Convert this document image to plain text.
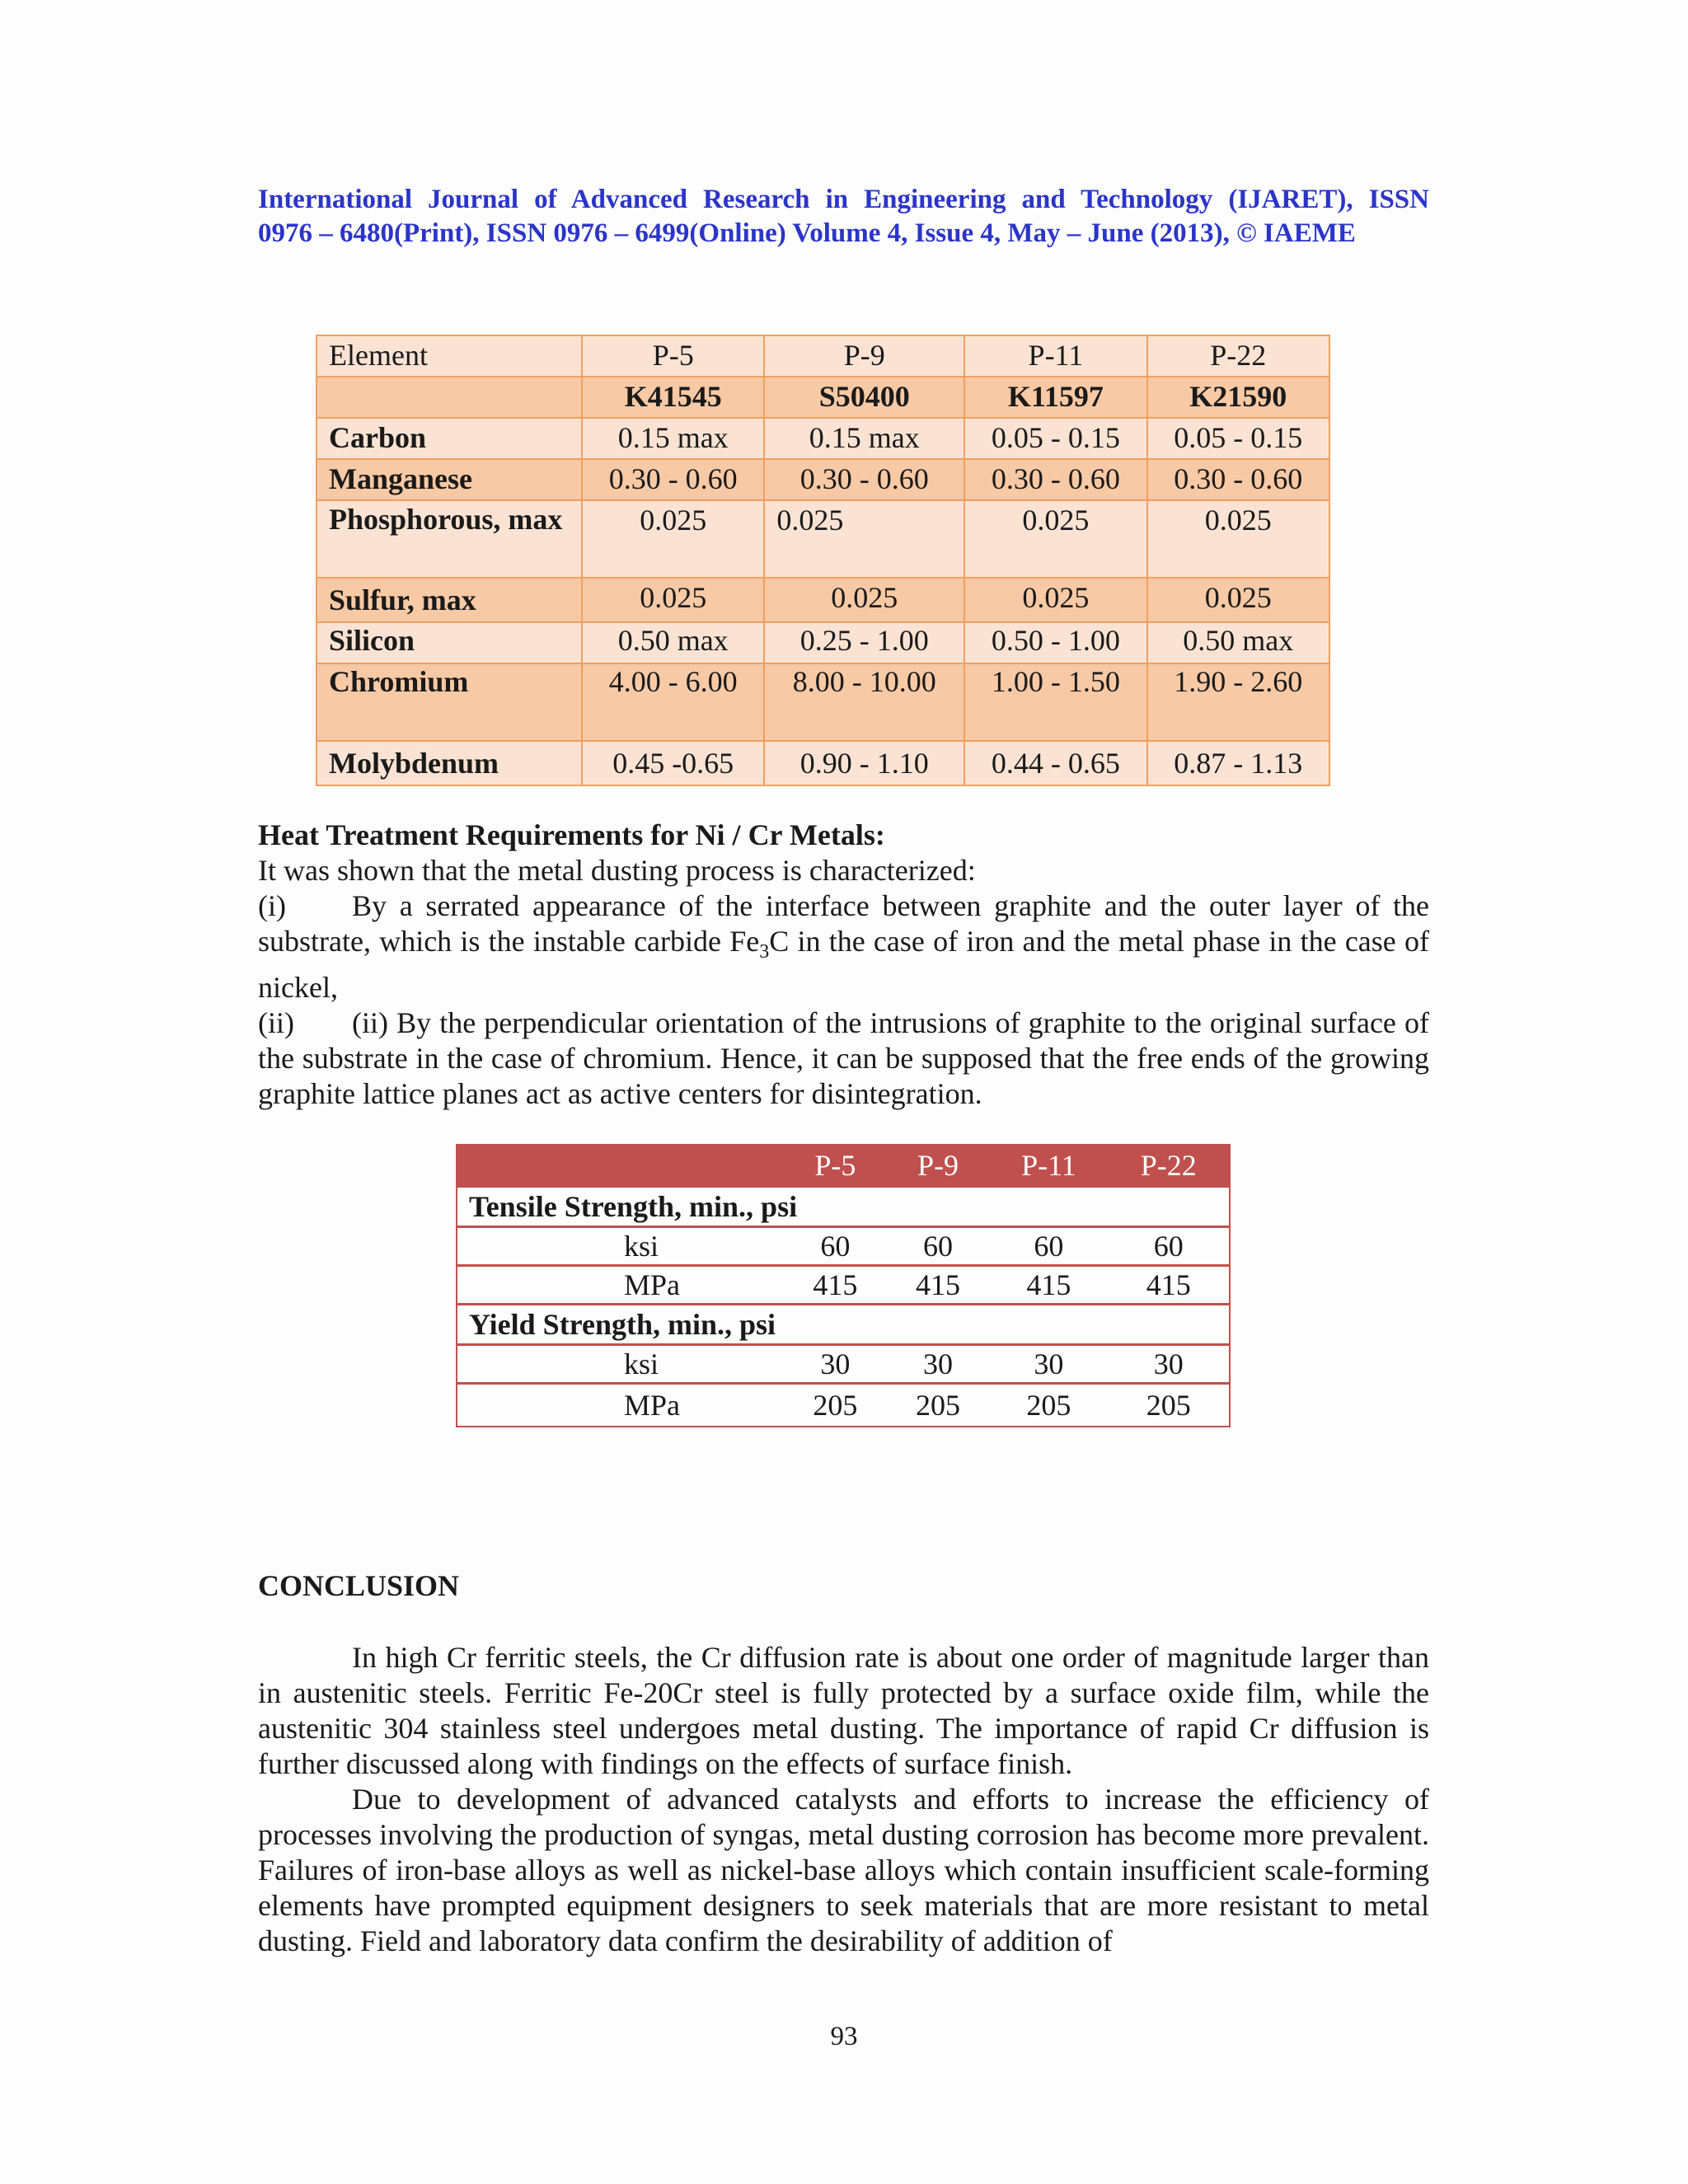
International Journal of Advanced Research in Engineering and Technology (IJARET), ISSN
0976 – 6480(Print), ISSN 0976 – 6499(Online) Volume 4, Issue 4, May – June (2013), © IAEME
Element	P-5	P-9	P-11	P-22
	K41545	S50400	K11597	K21590
Carbon	0.15 max	0.15 max	0.05 - 0.15	0.05 - 0.15
Manganese	0.30 - 0.60	0.30 - 0.60	0.30 - 0.60	0.30 - 0.60
Phosphorous, max	0.025	0.025	0.025	0.025
Sulfur, max	0.025	0.025	0.025	0.025
Silicon	0.50 max	0.25 - 1.00	0.50 - 1.00	0.50 max
Chromium	4.00 - 6.00	8.00 - 10.00	1.00 - 1.50	1.90 - 2.60
Molybdenum	0.45 -0.65	0.90 - 1.10	0.44 - 0.65	0.87 - 1.13
Heat Treatment Requirements for Ni / Cr Metals:
It was shown that the metal dusting process is characterized:
(i)	By a serrated appearance of the interface between graphite and the outer layer of the substrate, which is the instable carbide $Fe_3C$ in the case of iron and the metal phase in the case of nickel,
(ii)	(ii) By the perpendicular orientation of the intrusions of graphite to the original surface of the substrate in the case of chromium. Hence, it can be supposed that the free ends of the growing graphite lattice planes act as active centers for disintegration.
		P-5	P-9	P-11	P-22
Tensile Strength, min., psi					
	ksi	60	60	60	60
	MPa	415	415	415	415
Yield Strength, min., psi					
	ksi	30	30	30	30
	MPa	205	205	205	205
CONCLUSION
In high Cr ferritic steels, the Cr diffusion rate is about one order of magnitude larger than in austenitic steels. Ferritic Fe-20Cr steel is fully protected by a surface oxide film, while the austenitic 304 stainless steel undergoes metal dusting. The importance of rapid Cr diffusion is further discussed along with findings on the effects of surface finish.
Due to development of advanced catalysts and efforts to increase the efficiency of processes involving the production of syngas, metal dusting corrosion has become more prevalent. Failures of iron-base alloys as well as nickel-base alloys which contain insufficient scale-forming elements have prompted equipment designers to seek materials that are more resistant to metal dusting. Field and laboratory data confirm the desirability of addition of
93
